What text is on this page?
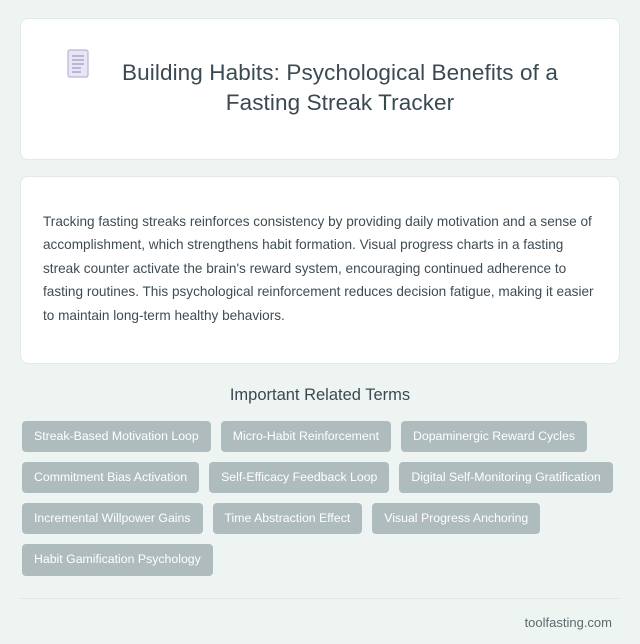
Building Habits: Psychological Benefits of a Fasting Streak Tracker

Tracking fasting streaks reinforces consistency by providing daily motivation and a sense of accomplishment, which strengthens habit formation. Visual progress charts in a fasting streak counter activate the brain's reward system, encouraging continued adherence to fasting routines. This psychological reinforcement reduces decision fatigue, making it easier to maintain long-term healthy behaviors.

Important Related Terms
Streak-Based Motivation Loop	Micro-Habit Reinforcement	Dopaminergic Reward Cycles
Commitment Bias Activation	Self-Efficacy Feedback Loop	Digital Self-Monitoring Gratification
Incremental Willpower Gains	Time Abstraction Effect	Visual Progress Anchoring
Habit Gamification Psychology
toolfasting.com
